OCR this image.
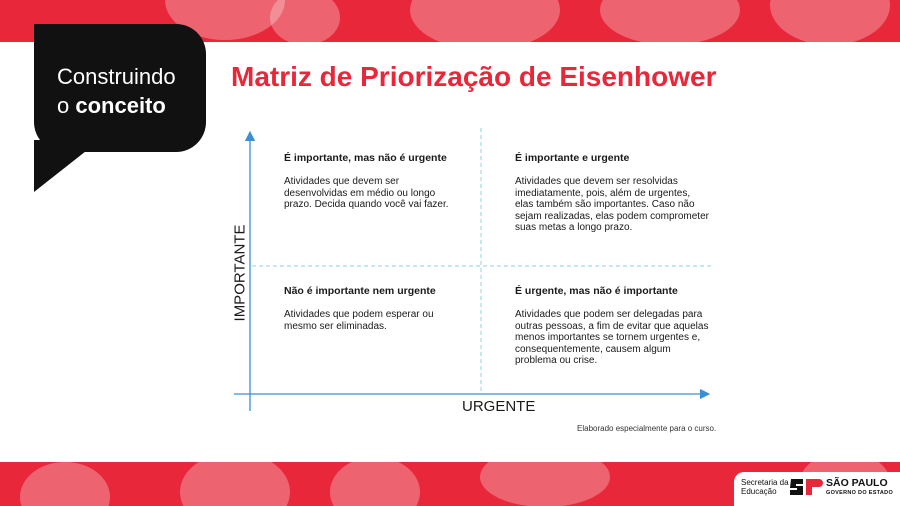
Construindo
o conceito
Matriz de Priorização de Eisenhower
IMPORTANTE
URGENTE
É importante, mas não é urgente
Atividades que devem ser desenvolvidas em médio ou longo prazo. Decida quando você vai fazer.
É importante e urgente
Atividades que devem ser resolvidas imediatamente, pois, além de urgentes, elas também são importantes. Caso não sejam realizadas, elas podem comprometer suas metas a longo prazo.
Não é importante nem urgente
Atividades que podem esperar ou mesmo ser eliminadas.
É urgente, mas não é importante
Atividades que podem ser delegadas para outras pessoas, a fim de evitar que aquelas menos importantes se tornem urgentes e, consequentemente, causem algum problema ou crise.
Elaborado especialmente para o curso.
Secretaria da
Educação
SÃO PAULO
GOVERNO DO ESTADO
